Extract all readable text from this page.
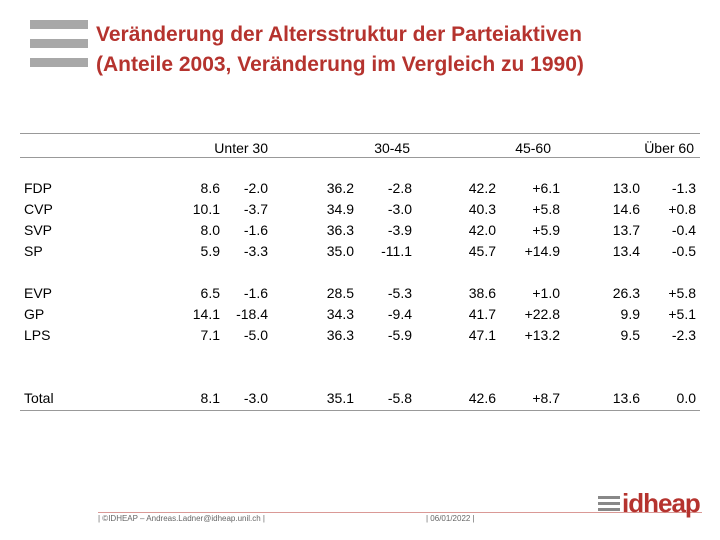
Veränderung der Altersstruktur der Parteiaktiven
(Anteile 2003, Veränderung im Vergleich zu 1990)
Unter 30	30-45	45-60	Über 60
FDP	8.6	-2.0	36.2	-2.8	42.2	+6.1	13.0	-1.3
CVP	10.1	-3.7	34.9	-3.0	40.3	+5.8	14.6	+0.8
SVP	8.0	-1.6	36.3	-3.9	42.0	+5.9	13.7	-0.4
SP	5.9	-3.3	35.0	-11.1	45.7	+14.9	13.4	-0.5

EVP	6.5	-1.6	28.5	-5.3	38.6	+1.0	26.3	+5.8
GP	14.1	-18.4	34.3	-9.4	41.7	+22.8	9.9	+5.1
LPS	7.1	-5.0	36.3	-5.9	47.1	+13.2	9.5	-2.3

Total	8.1	-3.0	35.1	-5.8	42.6	+8.7	13.6	0.0
| ©IDHEAP – Andreas.Ladner@idheap.unil.ch |	| 06/01/2022 |
idheap
